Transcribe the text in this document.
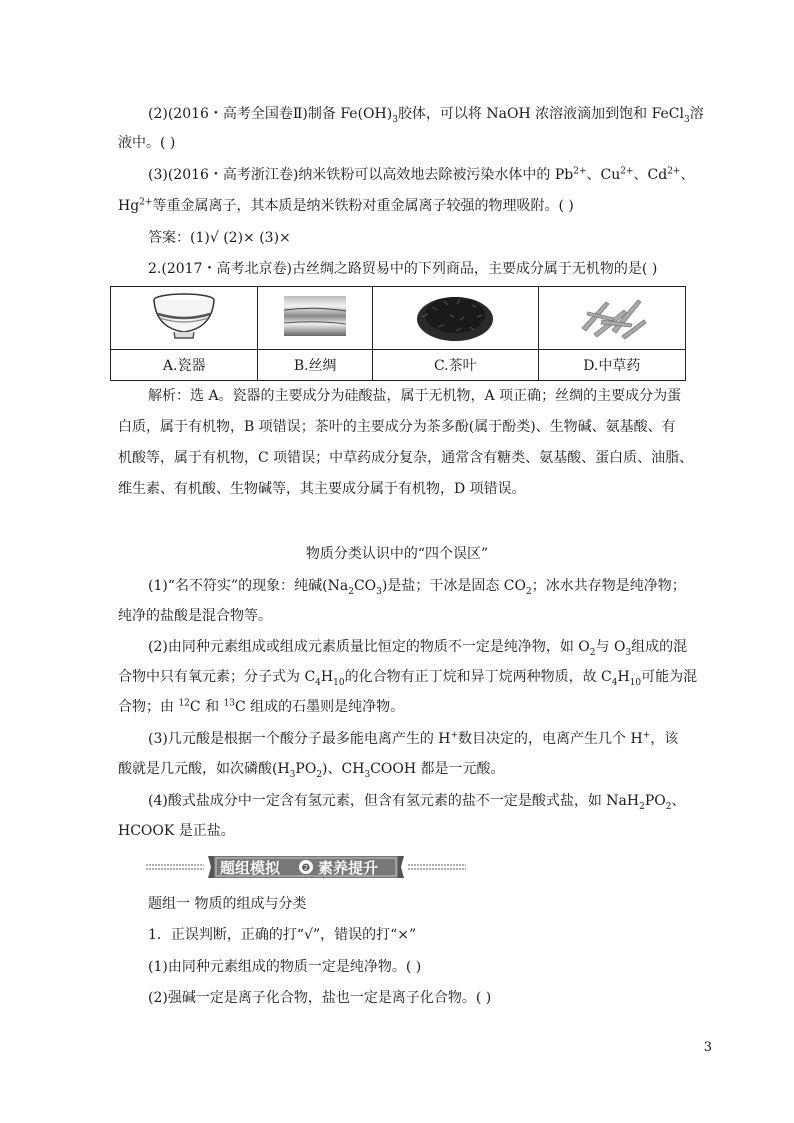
(2)(2016・高考全国卷Ⅱ)制备 $Fe(OH)_3$胶体，可以将 NaOH 浓溶液滴加到饱和 FeCl$_3$溶
液中。( )
(3)(2016・高考浙江卷)纳米铁粉可以高效地去除被污染水体中的 $Pb^{2+}$、$Cu^{2+}$、$Cd^{2+}$、
$Hg^{2+}$等重金属离子，其本质是纳米铁粉对重金属离子较强的物理吸附。( )
答案：(1)√ (2)× (3)×
2.(2017・高考北京卷)古丝绸之路贸易中的下列商品，主要成分属于无机物的是( )

A.瓷器	B.丝绸	C.茶叶	D.中草药
解析：选 A。瓷器的主要成分为硅酸盐，属于无机物，A 项正确；丝绸的主要成分为蛋
白质，属于有机物，B 项错误；茶叶的主要成分为茶多酚(属于酚类)、生物碱、氨基酸、有
机酸等，属于有机物，C 项错误；中草药成分复杂，通常含有糖类、氨基酸、蛋白质、油脂、
维生素、有机酸、生物碱等，其主要成分属于有机物，D 项错误。
物质分类认识中的“四个误区”
(1)“名不符实”的现象：纯碱$(Na_2CO_3)$是盐；干冰是固态 $CO_2$；冰水共存物是纯净物；
纯净的盐酸是混合物等。
(2)由同种元素组成或组成元素质量比恒定的物质不一定是纯净物，如 $O_2$与 $O_3$组成的混
合物中只有氧元素；分子式为 $C_4H_{10}$的化合物有正丁烷和异丁烷两种物质，故 $C_4H_{10}$可能为混
合物；由 $^{12}$C 和 $^{13}$C 组成的石墨则是纯净物。
(3)几元酸是根据一个酸分子最多能电离产生的 H+数目决定的，电离产生几个 H+，该
酸就是几元酸，如次磷酸$(H_3PO_2)$、$CH_3COOH$ 都是一元酸。
(4)酸式盐成分中一定含有氢元素，但含有氢元素的盐不一定是酸式盐，如 $NaH_2PO_2$、
HCOOK 是正盐。
题组模拟 ❷ 素养提升
题组一 物质的组成与分类
1．正误判断，正确的打“√”，错误的打“×”
(1)由同种元素组成的物质一定是纯净物。( )
(2)强碱一定是离子化合物，盐也一定是离子化合物。( )
3
